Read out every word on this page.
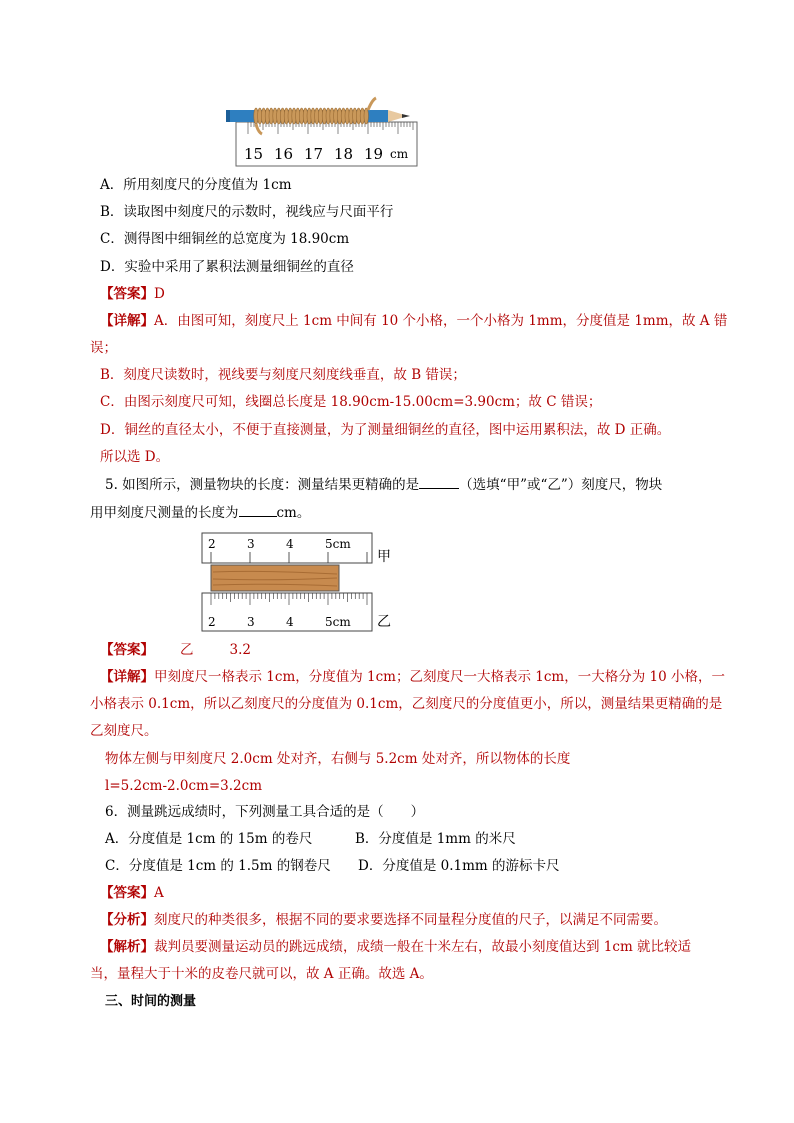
15 16 17 18 19 cm
A．所用刻度尺的分度值为 1cm
B．读取图中刻度尺的示数时，视线应与尺面平行
C．测得图中细铜丝的总宽度为 18.90cm
D．实验中采用了累积法测量细铜丝的直径
【答案】D
【详解】A．由图可知，刻度尺上 1cm 中间有 10 个小格，一个小格为 1mm，分度值是 1mm，故 A 错
误；
B．刻度尺读数时，视线要与刻度尺刻度线垂直，故 B 错误；
C．由图示刻度尺可知，线圈总长度是 18.90cm-15.00cm=3.90cm；故 C 错误；
D．铜丝的直径太小，不便于直接测量，为了测量细铜丝的直径，图中运用累积法，故 D 正确。
所以选 D。
5. 如图所示，测量物块的长度：测量结果更精确的是	（选填“甲”或“乙”）刻度尺，物块
用甲刻度尺测量的长度为	cm。
2	3	4	5cm
甲
2	3	4	5cm 乙
【答案】 乙	3.2
【详解】甲刻度尺一格表示 1cm，分度值为 1cm；乙刻度尺一大格表示 1cm，一大格分为 10 小格，一
小格表示 0.1cm，所以乙刻度尺的分度值为 0.1cm，乙刻度尺的分度值更小，所以，测量结果更精确的是
乙刻度尺。
物体左侧与甲刻度尺 2.0cm 处对齐，右侧与 5.2cm 处对齐，所以物体的长度
l=5.2cm-2.0cm=3.2cm
6．测量跳远成绩时，下列测量工具合适的是（　　）
A．分度值是 1cm 的 15m 的卷尺	B．分度值是 1mm 的米尺
C．分度值是 1cm 的 1.5m 的钢卷尺 D．分度值是 0.1mm 的游标卡尺
【答案】A
【分析】刻度尺的种类很多，根据不同的要求要选择不同量程分度值的尺子，以满足不同需要。
【解析】裁判员要测量运动员的跳远成绩，成绩一般在十米左右，故最小刻度值达到 1cm 就比较适
当，量程大于十米的皮卷尺就可以，故 A 正确。故选 A。
三、时间的测量
